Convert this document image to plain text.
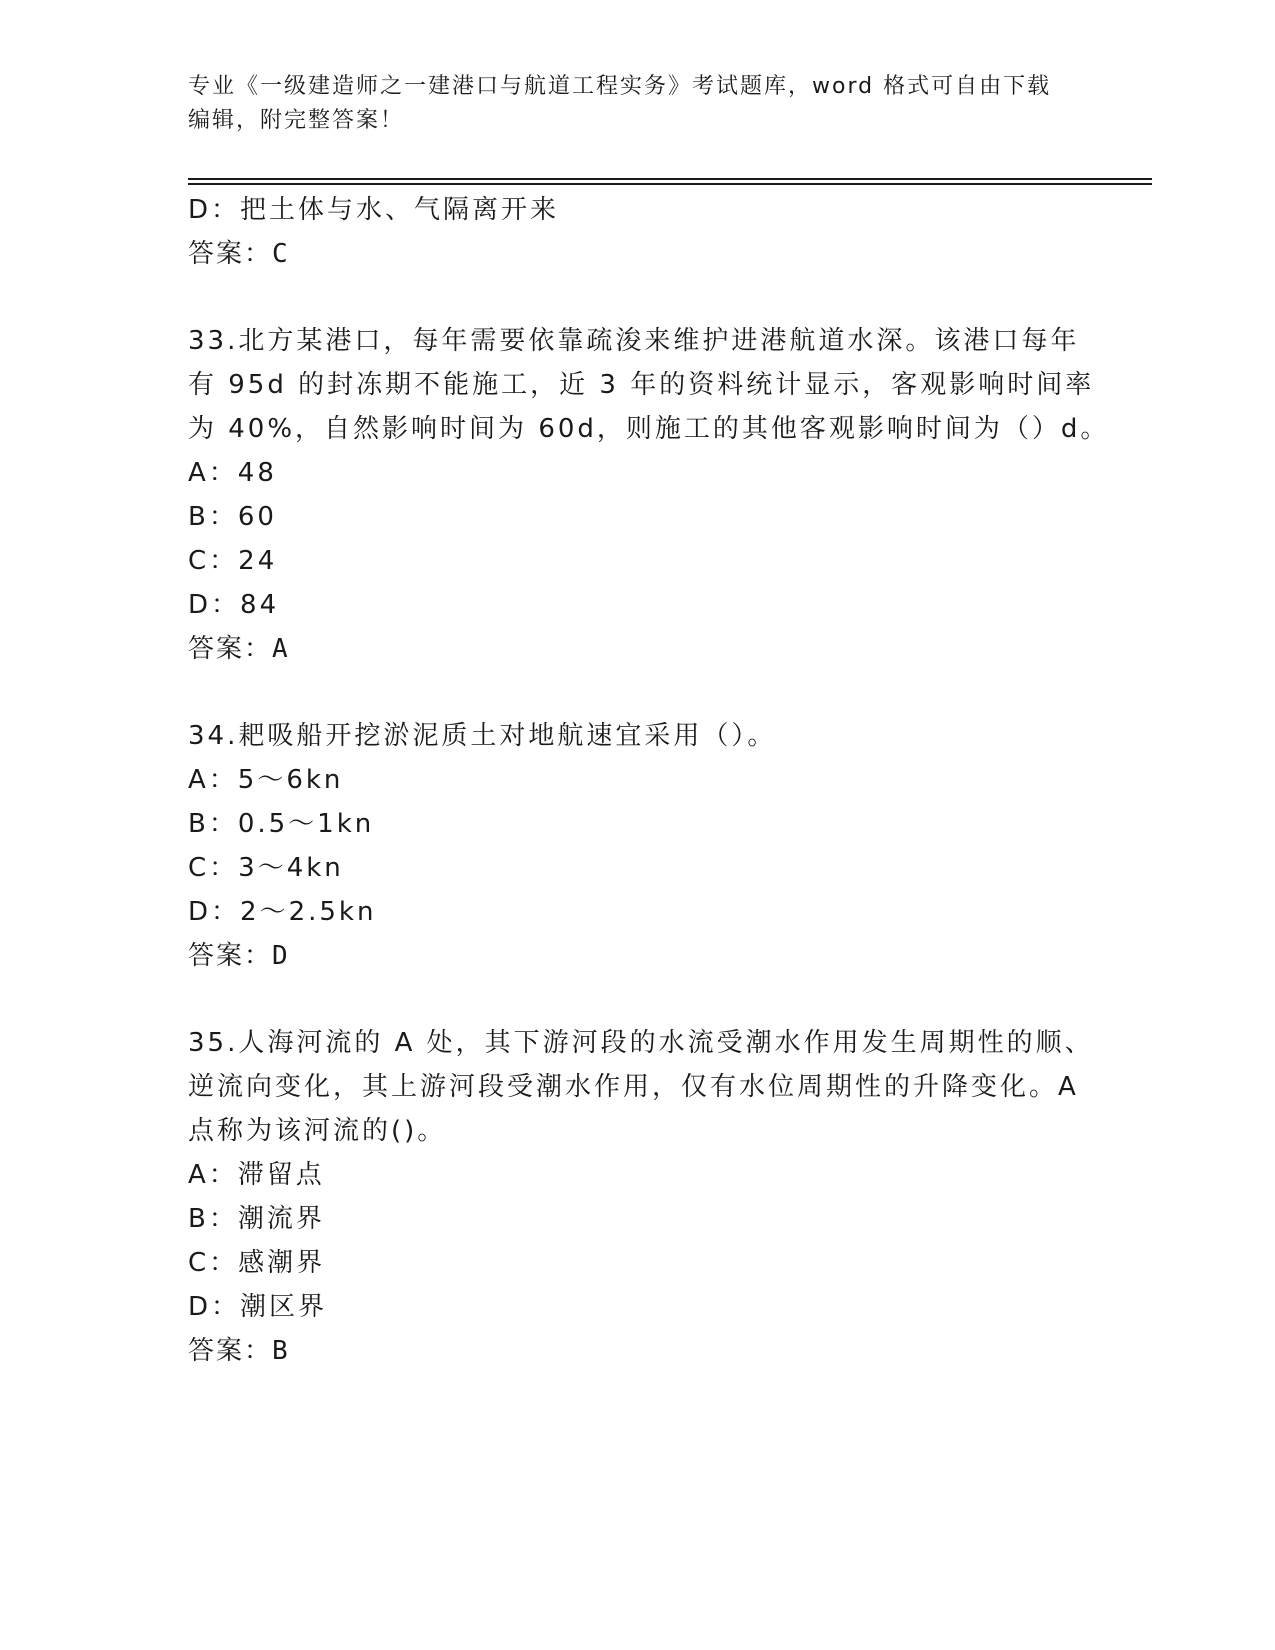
专业《一级建造师之一建港口与航道工程实务》考试题库，word 格式可自由下载
编辑，附完整答案！
D：把土体与水、气隔离开来
答案：C
33.北方某港口，每年需要依靠疏浚来维护进港航道水深。该港口每年
有 95d 的封冻期不能施工，近 3 年的资料统计显示，客观影响时间率
为 40%，自然影响时间为 60d，则施工的其他客观影响时间为（）d。
A：48
B：60
C：24
D：84
答案：A
34.耙吸船开挖淤泥质土对地航速宜采用（）。
A：5～6kn
B：0.5～1kn
C：3～4kn
D：2～2.5kn
答案：D
35.人海河流的 A 处，其下游河段的水流受潮水作用发生周期性的顺、
逆流向变化，其上游河段受潮水作用，仅有水位周期性的升降变化。A
点称为该河流的()。
A：滞留点
B：潮流界
C：感潮界
D：潮区界
答案：B
